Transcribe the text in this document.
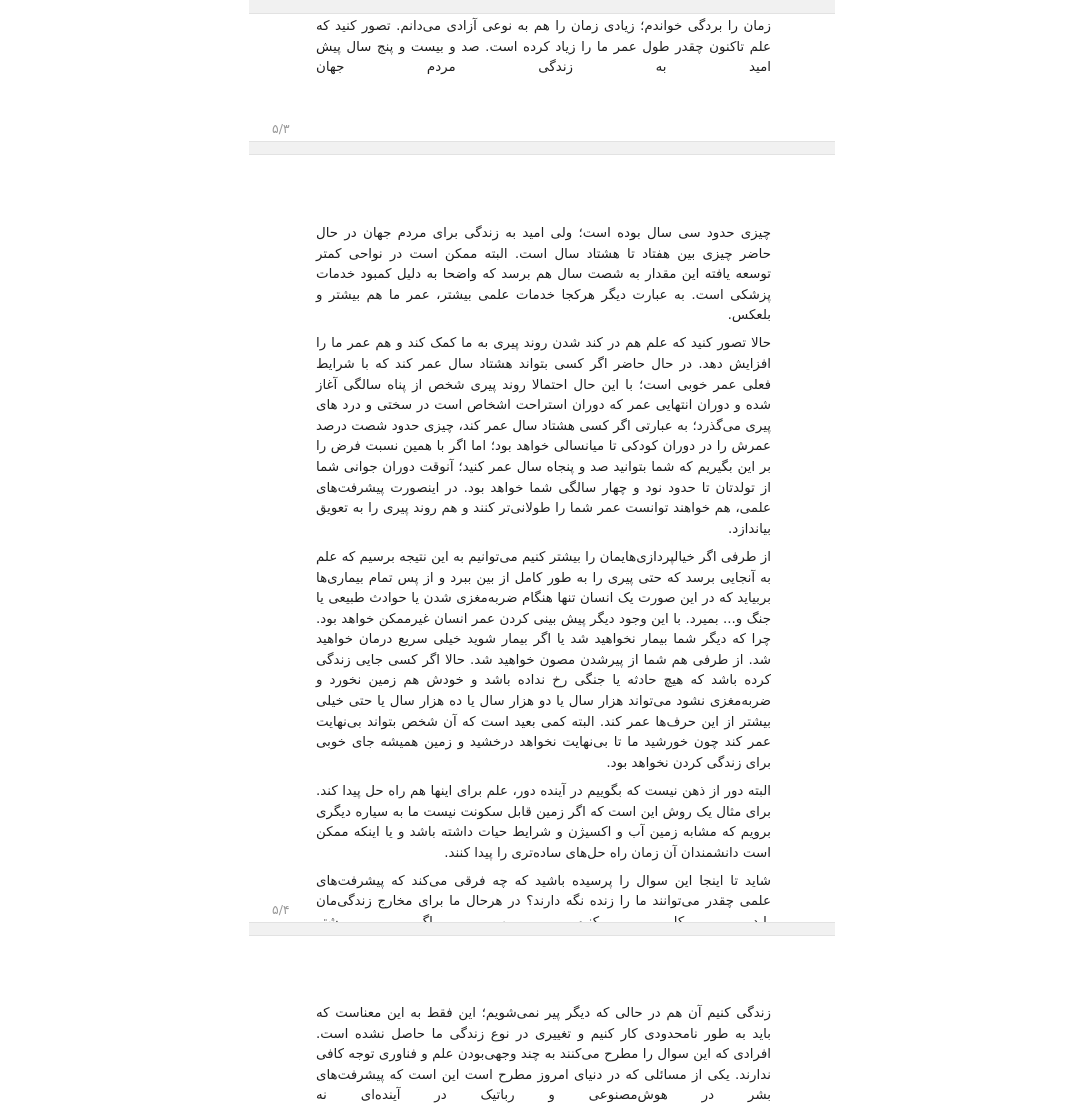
زمان را بردگی خواندم؛ زیادی زمان را هم به نوعی آزادی می‌دانم. تصور کنید که علم تاکنون چقدر طول عمر ما را زیاد کرده است. صد و بیست و پنج سال پیش امید به زندگی مردم جهان

۵/۳

چیزی حدود سی سال بوده است؛ ولی امید به زندگی برای مردم جهان در حال حاضر چیزی بین هفتاد تا هشتاد سال است. البته ممکن است در نواحی کمتر توسعه یافته این مقدار به شصت سال هم برسد که واضحا به دلیل کمبود خدمات پزشکی است. به عبارت دیگر هرکجا خدمات علمی بیشتر، عمر ما هم بیشتر و بلعکس.

حالا تصور کنید که علم هم در کند شدن روند پیری به ما کمک کند و هم عمر ما را افزایش دهد. در حال حاضر اگر کسی بتواند هشتاد سال عمر کند که با شرایط فعلی عمر خوبی است؛ با این حال احتمالا روند پیری شخص از پناه سالگی آغاز شده و دوران انتهایی عمر که دوران استراحت اشخاص است در سختی و درد های پیری می‌گذرد؛ به عبارتی اگر کسی هشتاد سال عمر کند، چیزی حدود شصت درصد عمرش را در دوران کودکی تا میانسالی خواهد بود؛ اما اگر با همین نسبت فرض را بر این بگیریم که شما بتوانید صد و پنجاه سال عمر کنید؛ آنوقت دوران جوانی شما از تولدتان تا حدود نود و چهار سالگی شما خواهد بود. در اینصورت پیشرفت‌های علمی، هم خواهند توانست عمر شما را طولانی‌تر کنند و هم روند پیری را به تعویق بیاندازد.

از طرفی اگر خیالپردازی‌هایمان را بیشتر کنیم می‌توانیم به این نتیجه برسیم که علم به آنجایی برسد که حتی پیری را به طور کامل از بین ببرد و از پس تمام بیماری‌ها بربیاید که در این صورت یک انسان تنها هنگام ضربه‌مغزی شدن یا حوادث طبیعی یا جنگ و... بمیرد. با این وجود دیگر پیش بینی کردن عمر انسان غیرممکن خواهد بود. چرا که دیگر شما بیمار نخواهید شد یا اگر بیمار شوید خیلی سریع درمان خواهید شد. از طرفی هم شما از پیرشدن مصون خواهید شد. حالا اگر کسی جایی زندگی کرده باشد که هیچ حادثه یا جنگی رخ نداده باشد و خودش هم زمین نخورد و ضربه‌مغزی نشود می‌تواند هزار سال یا دو هزار سال یا ده هزار سال یا حتی خیلی بیشتر از این حرف‌ها عمر کند. البته کمی بعید است که آن شخص بتواند بی‌نهایت عمر کند چون خورشید ما تا بی‌نهایت نخواهد درخشید و زمین همیشه جای خوبی برای زندگی کردن نخواهد بود.

البته دور از ذهن نیست که بگوییم در آینده دور، علم برای اینها هم راه حل پیدا کند. برای مثال یک روش این است که اگر زمین قابل سکونت نیست ما به سیاره دیگری برویم که مشابه زمین آب و اکسیژن و شرایط حیات داشته باشد و یا اینکه ممکن است دانشمندان آن زمان راه حل‌های ساده‌تری را پیدا کنند.

شاید تا اینجا این سوال را پرسیده باشید که چه فرقی می‌کند که پیشرفت‌های علمی چقدر می‌توانند ما را زنده نگه دارند؟ در هرحال ما برای مخارج زندگی‌مان

۵/۴

زندگی کنیم آن هم در حالی که دیگر پیر نمی‌شویم؛ این فقط به این معناست که باید به طور نامحدودی کار کنیم و تغییری در نوع زندگی ما حاصل نشده است. افرادی که این سوال را مطرح می‌کنند به چند وجهی‌بودن علم و فناوری توجه کافی ندارند. یکی از مسائلی که در دنیای امروز مطرح است این است که پیشرفت‌های بشر در هوش‌مصنوعی و رباتیک در آینده‌ای نه
